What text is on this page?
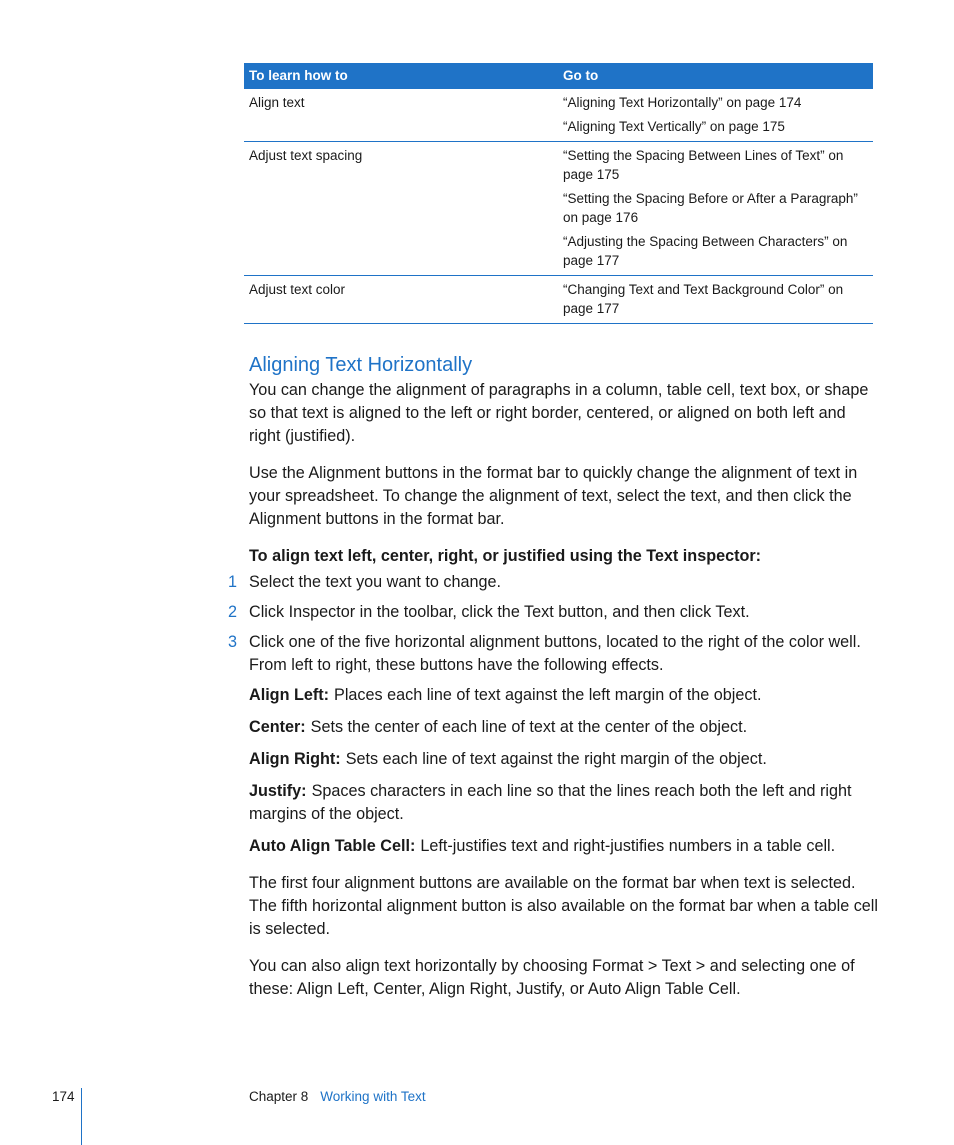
To learn how to	Go to
Align text	“Aligning Text Horizontally” on page 174
“Aligning Text Vertically” on page 175

Adjust text spacing	“Setting the Spacing Between Lines of Text” on page 175
“Setting the Spacing Before or After a Paragraph” on page 176
“Adjusting the Spacing Between Characters” on page 177

Adjust text color	“Changing Text and Text Background Color” on page 177
Aligning Text Horizontally

You can change the alignment of paragraphs in a column, table cell, text box, or shape so that text is aligned to the left or right border, centered, or aligned on both left and right (justified).

Use the Alignment buttons in the format bar to quickly change the alignment of text in your spreadsheet. To change the alignment of text, select the text, and then click the Alignment buttons in the format bar.

To align text left, center, right, or justified using the Text inspector:
1 Select the text you want to change.
2 Click Inspector in the toolbar, click the Text button, and then click Text.
3 Click one of the five horizontal alignment buttons, located to the right of the color well. From left to right, these buttons have the following effects.
Align Left: Places each line of text against the left margin of the object.
Center: Sets the center of each line of text at the center of the object.
Align Right: Sets each line of text against the right margin of the object.
Justify: Spaces characters in each line so that the lines reach both the left and right margins of the object.
Auto Align Table Cell: Left-justifies text and right-justifies numbers in a table cell.

The first four alignment buttons are available on the format bar when text is selected. The fifth horizontal alignment button is also available on the format bar when a table cell is selected.

You can also align text horizontally by choosing Format > Text > and selecting one of these: Align Left, Center, Align Right, Justify, or Auto Align Table Cell.

174	Chapter 8 Working with Text
